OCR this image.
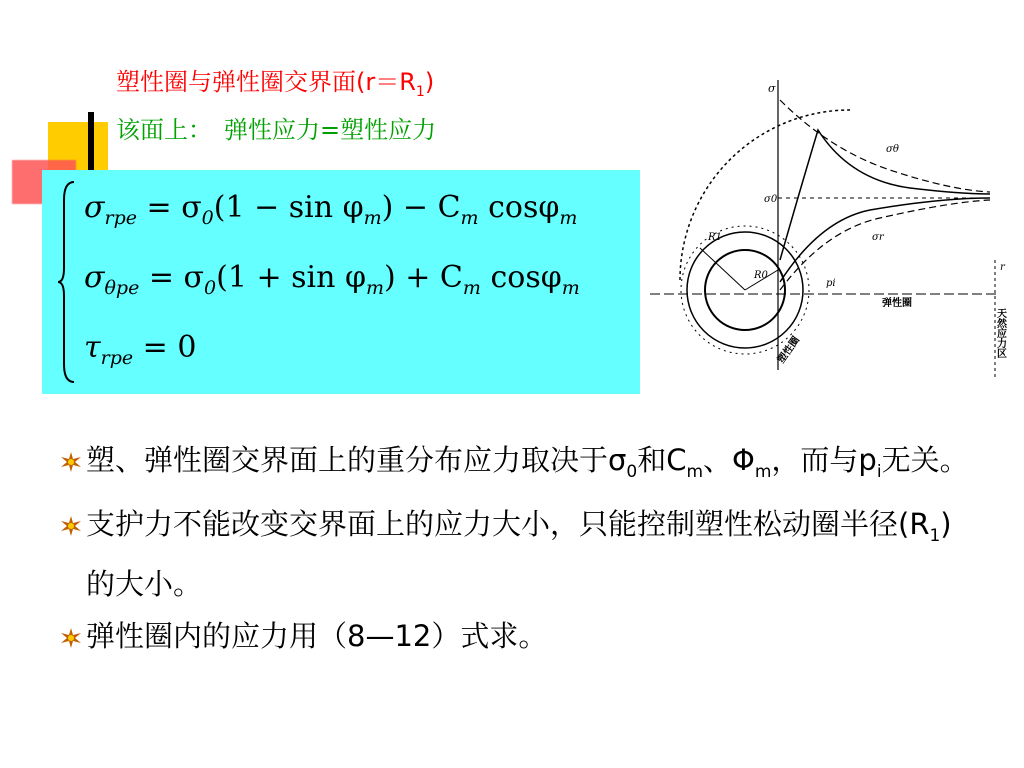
塑性圈与弹性圈交界面$(r=R_1)$
该面上：　弹性应力=塑性应力
$\sigma_{rpe} = \sigma_0(1 - \sin \varphi_m) - C_m$ cosφ$_m$
$\sigma_{\theta pe} = \sigma_0(1 + \sin \varphi_m) + C_m$ cosφ$_m$
$\tau_{rpe} = 0$
σ
σθ
σr
σ0
R1
R0
pi
r
弹性圈
塑性圈	天然应力区
塑、弹性圈交界面上的重分布应力取决于$\sigma_0$和$C_m$、$\Phi_m$，而与$p_i$无关。
支护力不能改变交界面上的应力大小，只能控制塑性松动圈半径$(R_1)$的大小。
弹性圈内的应力用（8—12）式求。
